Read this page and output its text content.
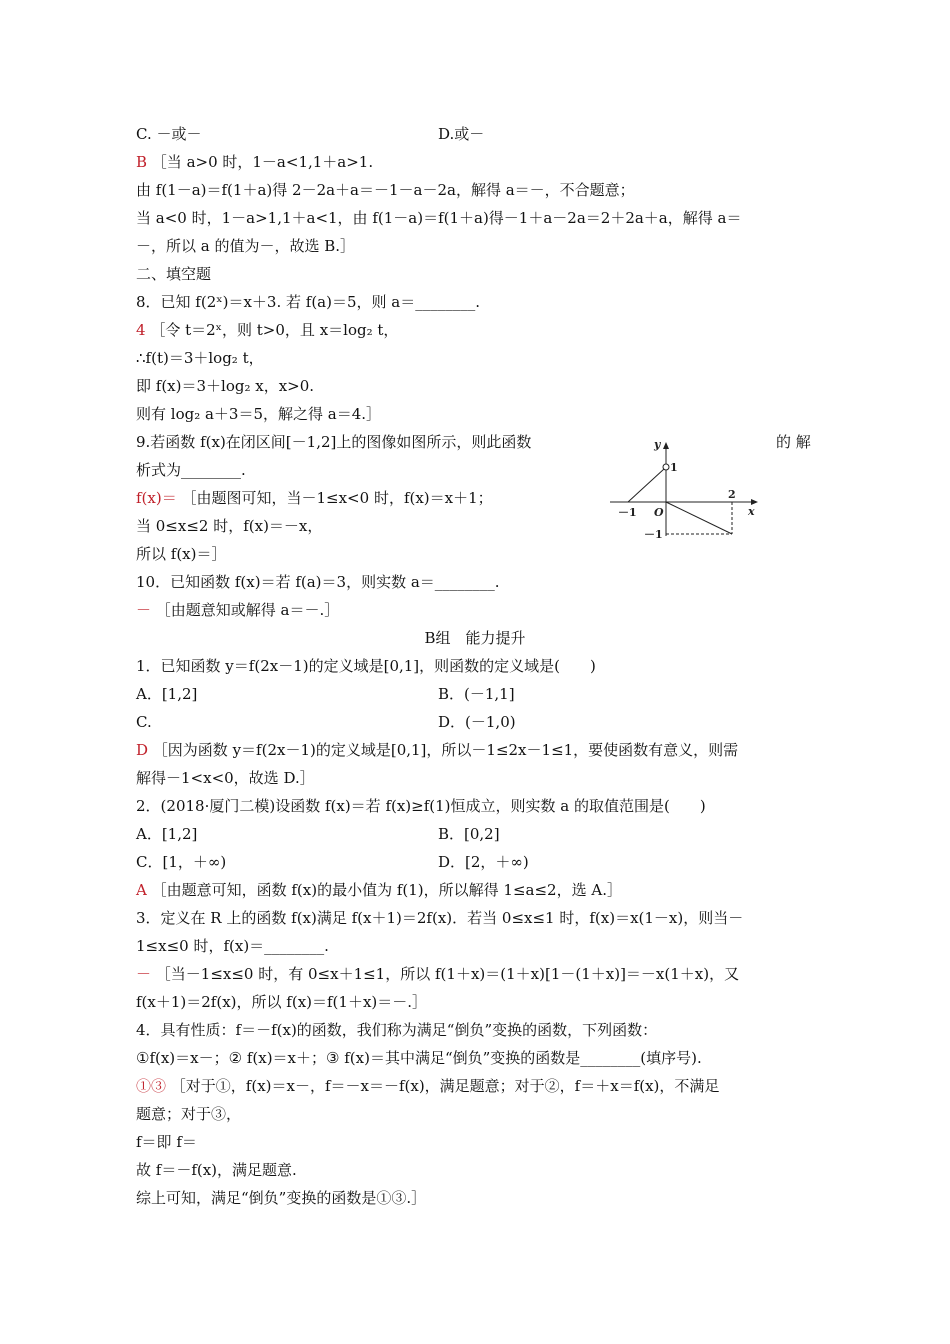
C. －或－	D.或－
B ［当 a>0 时，1－a<1,1＋a>1.
由 f(1－a)＝f(1＋a)得 2－2a＋a＝－1－a－2a，解得 a＝－，不合题意；
当 a<0 时，1－a>1,1＋a<1，由 f(1－a)＝f(1＋a)得－1＋a－2a＝2＋2a＋a，解得 a＝
－，所以 a 的值为－，故选 B.］
二、填空题
8．已知 f(2ˣ)＝x＋3. 若 f(a)＝5，则 a＝________.
4 ［令 t＝2ˣ，则 t>0，且 x＝log₂ t，
∴f(t)＝3＋log₂ t，
即 f(x)＝3＋log₂ x，x>0.
则有 log₂ a＋3＝5，解之得 a＝4.］
9.若函数 f(x)在闭区间[－1,2]上的图像如图所示，则此函数
析式为________.
f(x)＝ ［由题图可知，当－1≤x<0 时，f(x)＝x＋1；
当 0≤x≤2 时，f(x)＝－x，
所以 f(x)＝］
10．已知函数 f(x)＝若 f(a)＝3，则实数 a＝________.
－ ［由题意知或解得 a＝－.］
1．已知函数 y＝f(2x－1)的定义域是[0,1]，则函数的定义域是(　　)
A．[1,2]	B．(－1,1]
C.	D．(－1,0)
D ［因为函数 y＝f(2x－1)的定义域是[0,1]，所以－1≤2x－1≤1，要使函数有意义，则需
解得－1<x<0，故选 D.］
2．(2018·厦门二模)设函数 f(x)＝若 f(x)≥f(1)恒成立，则实数 a 的取值范围是(　　)
A．[1,2]	B．[0,2]
C．[1，＋∞)	D．[2，＋∞)
A ［由题意可知，函数 f(x)的最小值为 f(1)，所以解得 1≤a≤2，选 A.］
3．定义在 R 上的函数 f(x)满足 f(x＋1)＝2f(x)．若当 0≤x≤1 时，f(x)＝x(1－x)，则当－
1≤x≤0 时，f(x)＝________.
－ ［当－1≤x≤0 时，有 0≤x＋1≤1，所以 f(1＋x)＝(1＋x)[1－(1＋x)]＝－x(1＋x)，又
f(x＋1)＝2f(x)，所以 f(x)＝f(1＋x)＝－.］
4．具有性质：f＝－f(x)的函数，我们称为满足“倒负”变换的函数，下列函数：
①f(x)＝x－；② f(x)＝x＋；③ f(x)＝其中满足“倒负”变换的函数是________(填序号).
①③ ［对于①，f(x)＝x－，f＝－x＝－f(x)，满足题意；对于②，f＝＋x＝f(x)，不满足
题意；对于③，
f＝即 f＝
故 f＝－f(x)，满足题意.
综上可知，满足“倒负”变换的函数是①③.］
的 解
B组　能力提升
y
x
O
－1
2
1
－1
